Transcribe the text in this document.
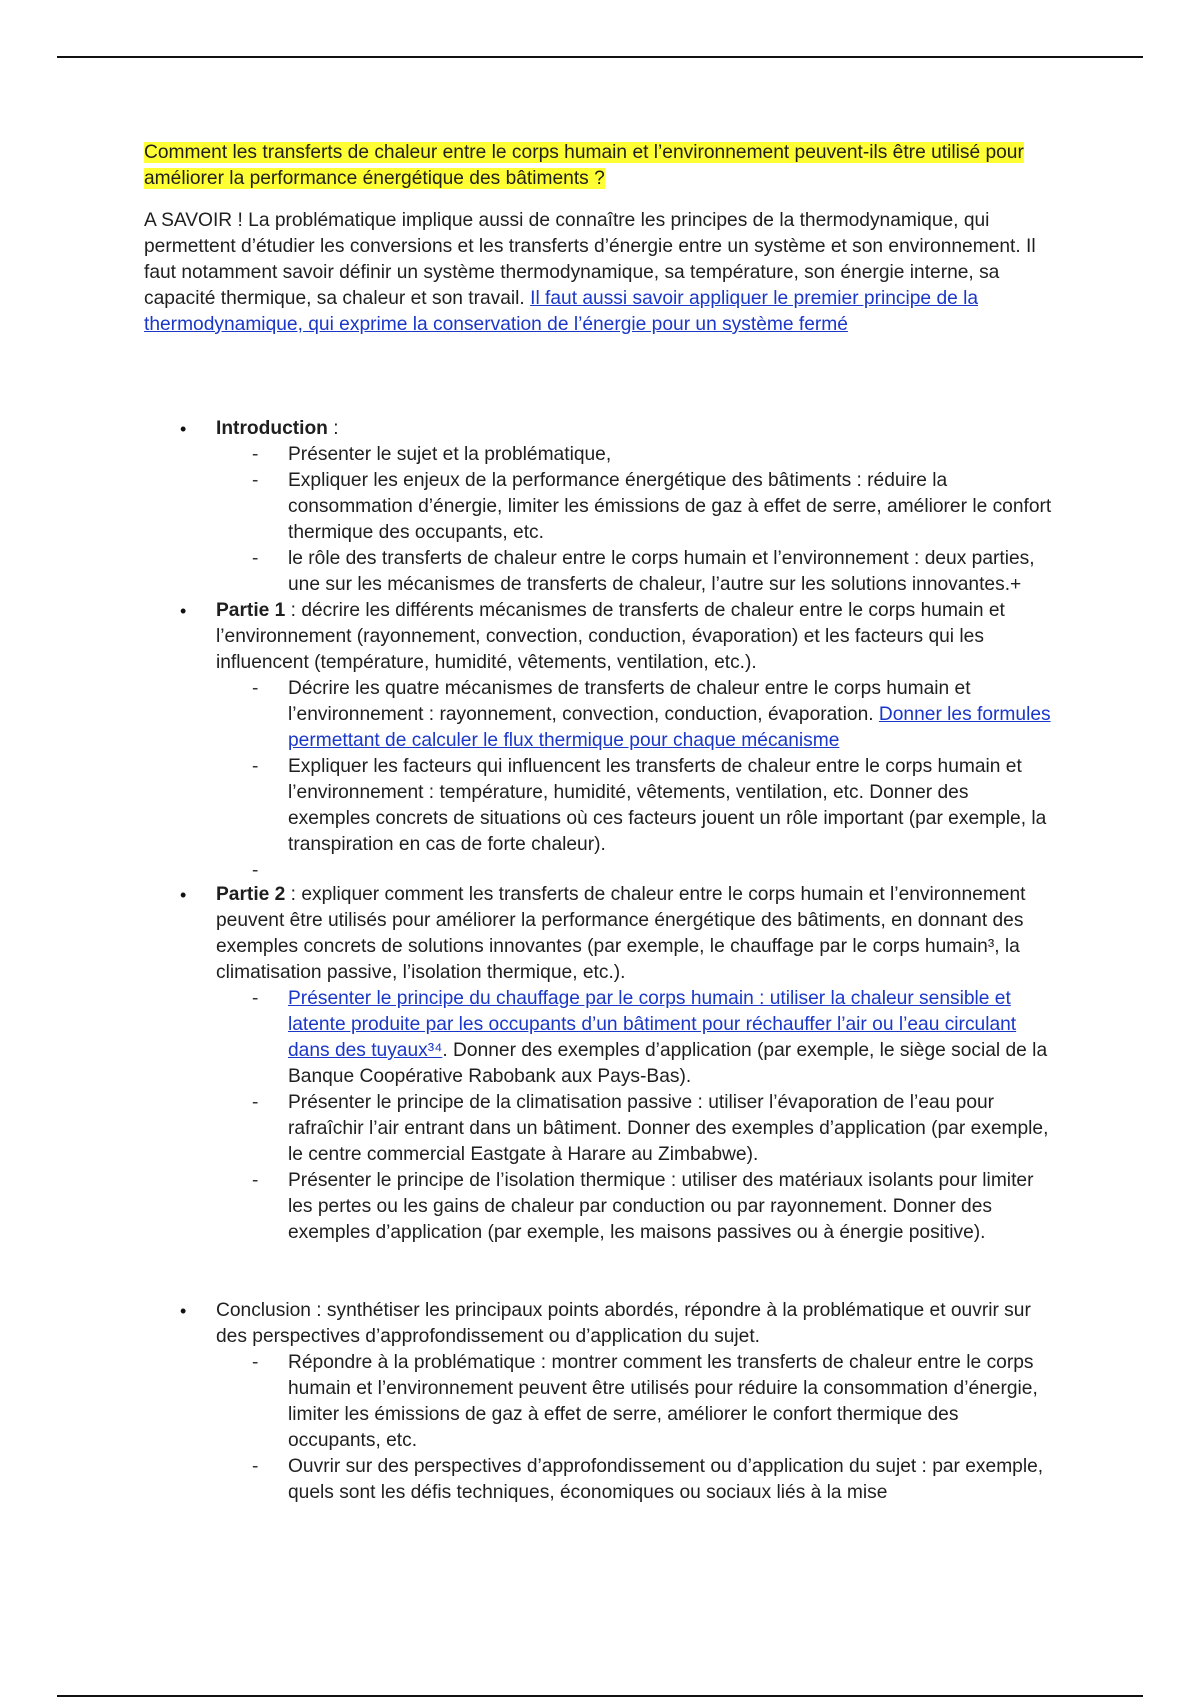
Comment les transferts de chaleur entre le corps humain et l’environnement peuvent-ils être utilisé pour améliorer la performance énergétique des bâtiments ?

A SAVOIR ! La problématique implique aussi de connaître les principes de la thermodynamique, qui permettent d’étudier les conversions et les transferts d’énergie entre un système et son environnement. Il faut notamment savoir définir un système thermodynamique, sa température, son énergie interne, sa capacité thermique, sa chaleur et son travail. Il faut aussi savoir appliquer le premier principe de la thermodynamique, qui exprime la conservation de l’énergie pour un système fermé

• Introduction :
- Présenter le sujet et la problématique,
- Expliquer les enjeux de la performance énergétique des bâtiments : réduire la consommation d’énergie, limiter les émissions de gaz à effet de serre, améliorer le confort thermique des occupants, etc.
- le rôle des transferts de chaleur entre le corps humain et l’environnement : deux parties, une sur les mécanismes de transferts de chaleur, l’autre sur les solutions innovantes.+
• Partie 1 : décrire les différents mécanismes de transferts de chaleur entre le corps humain et l’environnement (rayonnement, convection, conduction, évaporation) et les facteurs qui les influencent (température, humidité, vêtements, ventilation, etc.).
- Décrire les quatre mécanismes de transferts de chaleur entre le corps humain et l’environnement : rayonnement, convection, conduction, évaporation. Donner les formules permettant de calculer le flux thermique pour chaque mécanisme
- Expliquer les facteurs qui influencent les transferts de chaleur entre le corps humain et l’environnement : température, humidité, vêtements, ventilation, etc. Donner des exemples concrets de situations où ces facteurs jouent un rôle important (par exemple, la transpiration en cas de forte chaleur).
-
• Partie 2 : expliquer comment les transferts de chaleur entre le corps humain et l’environnement peuvent être utilisés pour améliorer la performance énergétique des bâtiments, en donnant des exemples concrets de solutions innovantes (par exemple, le chauffage par le corps humain³, la climatisation passive, l’isolation thermique, etc.).
- Présenter le principe du chauffage par le corps humain : utiliser la chaleur sensible et latente produite par les occupants d’un bâtiment pour réchauffer l’air ou l’eau circulant dans des tuyaux³⁴. Donner des exemples d’application (par exemple, le siège social de la Banque Coopérative Rabobank aux Pays-Bas).
- Présenter le principe de la climatisation passive : utiliser l’évaporation de l’eau pour rafraîchir l’air entrant dans un bâtiment. Donner des exemples d’application (par exemple, le centre commercial Eastgate à Harare au Zimbabwe).
- Présenter le principe de l’isolation thermique : utiliser des matériaux isolants pour limiter les pertes ou les gains de chaleur par conduction ou par rayonnement. Donner des exemples d’application (par exemple, les maisons passives ou à énergie positive).
• Conclusion : synthétiser les principaux points abordés, répondre à la problématique et ouvrir sur des perspectives d’approfondissement ou d’application du sujet.
- Répondre à la problématique : montrer comment les transferts de chaleur entre le corps humain et l’environnement peuvent être utilisés pour réduire la consommation d’énergie, limiter les émissions de gaz à effet de serre, améliorer le confort thermique des occupants, etc.
- Ouvrir sur des perspectives d’approfondissement ou d’application du sujet : par exemple, quels sont les défis techniques, économiques ou sociaux liés à la mise
